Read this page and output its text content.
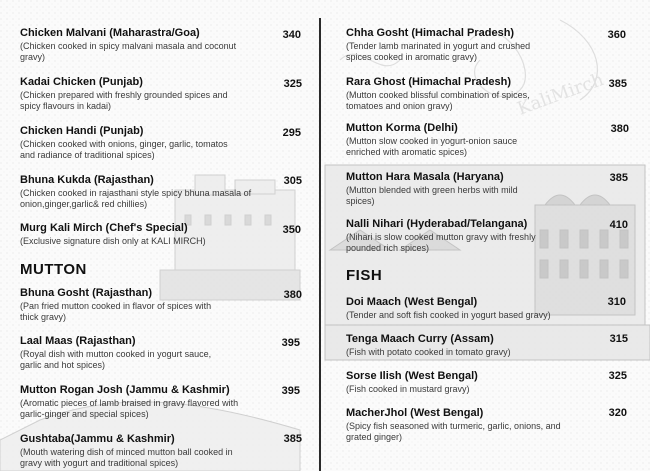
KaliMirch
Chicken Malvani (Maharastra/Goa)
(Chicken cooked in spicy malvani masala and coconut gravy)
340
Kadai Chicken (Punjab)
(Chicken prepared with freshly grounded spices and spicy flavours in kadai)
325
Chicken Handi (Punjab)
(Chicken cooked with onions, ginger, garlic, tomatos and radiance of traditional spices)
295
Bhuna Kukda (Rajasthan)
(Chicken cooked in rajasthani style spicy bhuna masala of onion,ginger,garlic& red chillies)
305
Murg Kali Mirch (Chef's Special)
(Exclusive signature dish only at KALI MIRCH)
350
MUTTON
Bhuna Gosht (Rajasthan)
(Pan fried mutton cooked in flavor of spices with thick gravy)
380
Laal Maas (Rajasthan)
(Royal dish with mutton cooked in yogurt sauce, garlic and hot spices)
395
Mutton Rogan Josh (Jammu & Kashmir)
(Aromatic pieces of lamb braised in gravy flavored with garlic-ginger and special spices)
395
Gushtaba(Jammu & Kashmir)
(Mouth watering dish of minced mutton ball cooked in gravy with yogurt and traditional spices)
385
Chha Gosht (Himachal Pradesh)
(Tender lamb marinated in yogurt and crushed spices cooked in aromatic gravy)
360
Rara Ghost (Himachal Pradesh)
(Mutton cooked blissful combination of spices, tomatoes and onion gravy)
385
Mutton Korma (Delhi)
(Mutton slow cooked in yogurt-onion sauce enriched with aromatic spices)
380
Mutton Hara Masala (Haryana)
(Mutton blended with green herbs with mild spices)
385
Nalli Nihari (Hyderabad/Telangana)
(Nihari is slow cooked mutton gravy with freshly pounded rich spices)
410
FISH
Doi Maach (West Bengal)
(Tender and soft fish cooked in yogurt based gravy)
310
Tenga Maach Curry (Assam)
(Fish with potato cooked in tomato gravy)
315
Sorse Ilish (West Bengal)
(Fish cooked in mustard gravy)
325
MacherJhol (West Bengal)
(Spicy fish seasoned with turmeric, garlic, onions, and grated ginger)
320
